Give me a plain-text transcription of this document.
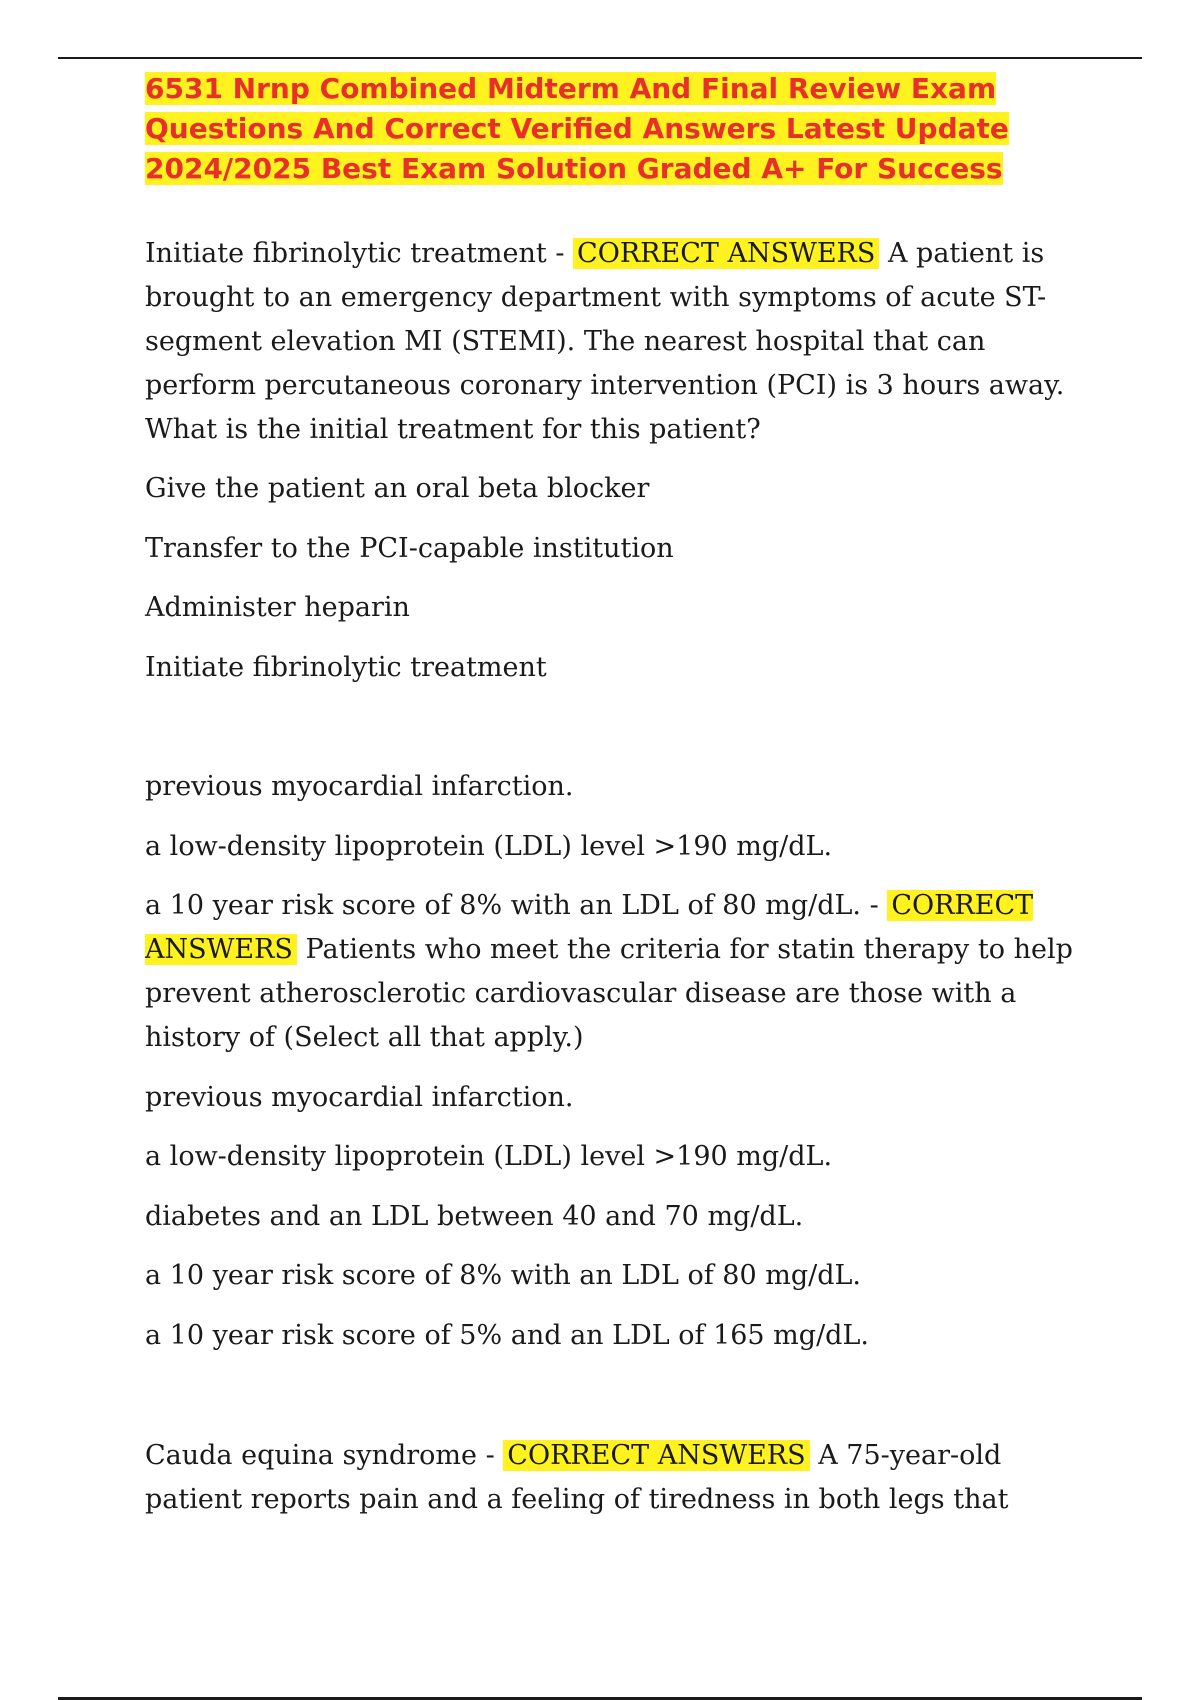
6531 Nrnp Combined Midterm And Final Review Exam Questions And Correct Verified Answers Latest Update 2024/2025 Best Exam Solution Graded A+ For Success

Initiate fibrinolytic treatment - CORRECT ANSWERS A patient is brought to an emergency department with symptoms of acute ST-segment elevation MI (STEMI). The nearest hospital that can perform percutaneous coronary intervention (PCI) is 3 hours away. What is the initial treatment for this patient?

Give the patient an oral beta blocker

Transfer to the PCI-capable institution

Administer heparin

Initiate fibrinolytic treatment

previous myocardial infarction.

a low-density lipoprotein (LDL) level >190 mg/dL.

a 10 year risk score of 8% with an LDL of 80 mg/dL. - CORRECT ANSWERS Patients who meet the criteria for statin therapy to help prevent atherosclerotic cardiovascular disease are those with a history of (Select all that apply.)

previous myocardial infarction.

a low-density lipoprotein (LDL) level >190 mg/dL.

diabetes and an LDL between 40 and 70 mg/dL.

a 10 year risk score of 8% with an LDL of 80 mg/dL.

a 10 year risk score of 5% and an LDL of 165 mg/dL.

Cauda equina syndrome - CORRECT ANSWERS A 75-year-old patient reports pain and a feeling of tiredness in both legs that
